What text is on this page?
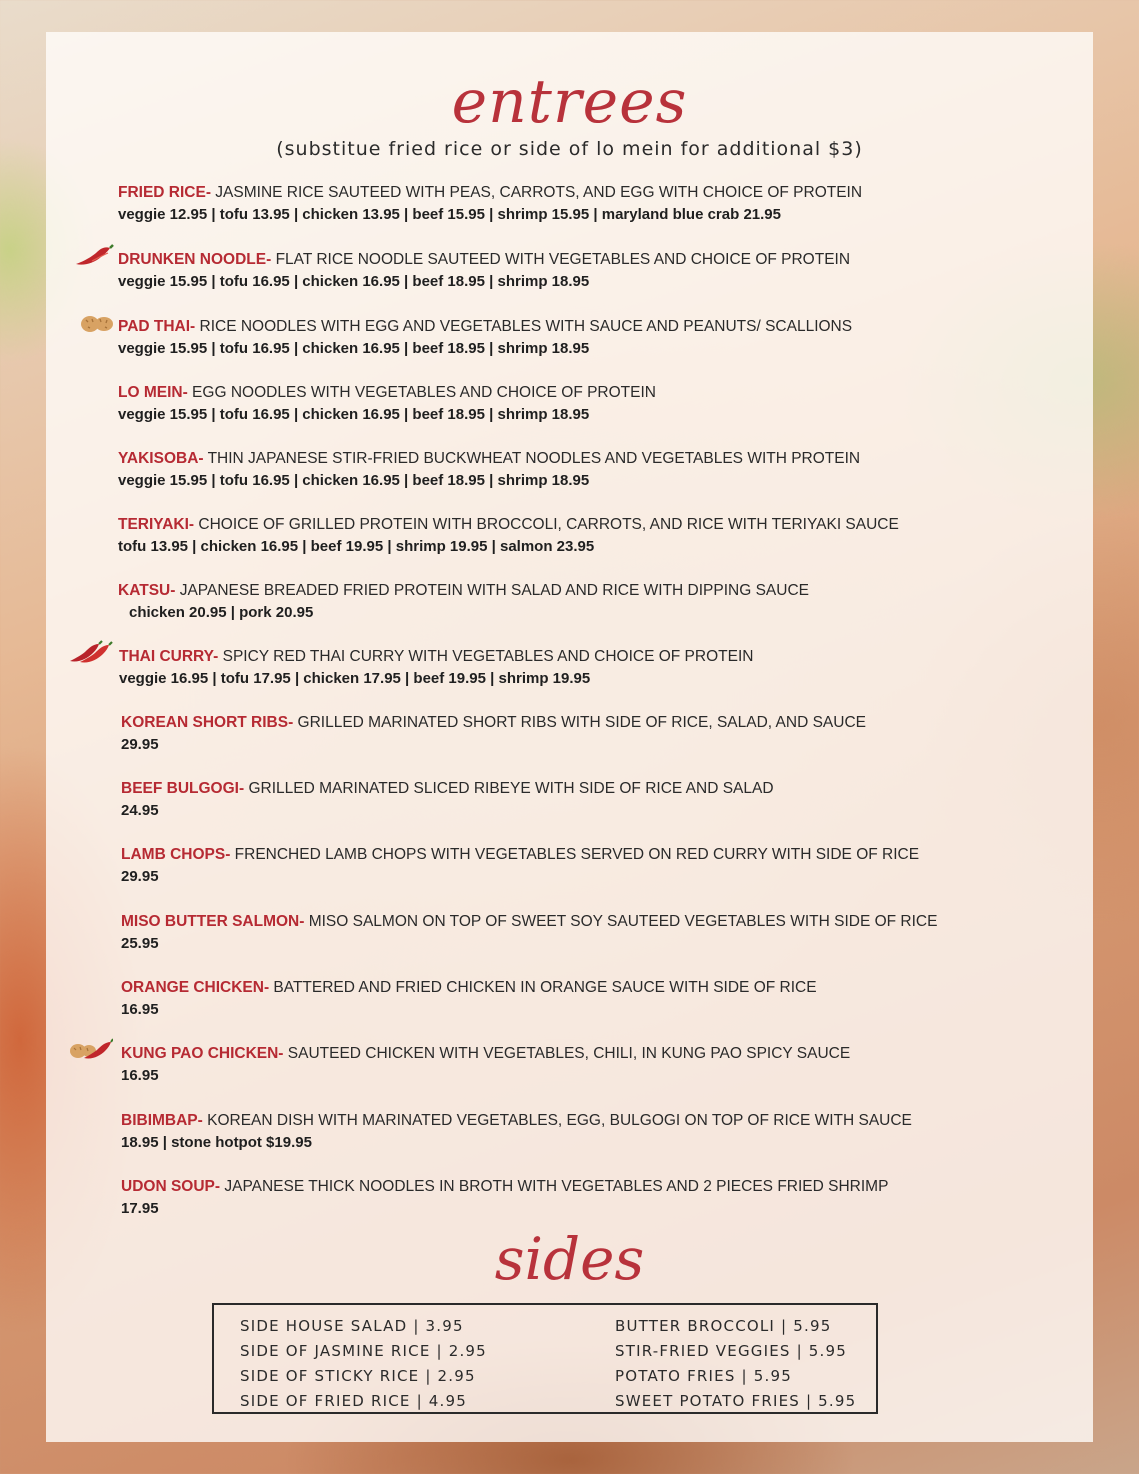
entrees
(substitue fried rice or side of lo mein for additional $3)
FRIED RICE- JASMINE RICE SAUTEED WITH PEAS, CARROTS, AND EGG WITH CHOICE OF PROTEIN
veggie 12.95 | tofu 13.95 | chicken 13.95 | beef 15.95 | shrimp 15.95 | maryland blue crab 21.95
DRUNKEN NOODLE- FLAT RICE NOODLE SAUTEED WITH VEGETABLES AND CHOICE OF PROTEIN
veggie 15.95 | tofu 16.95 | chicken 16.95 | beef 18.95 | shrimp 18.95
PAD THAI- RICE NOODLES WITH EGG AND VEGETABLES WITH SAUCE AND PEANUTS/ SCALLIONS
veggie 15.95 | tofu 16.95 | chicken 16.95 | beef 18.95 | shrimp 18.95
LO MEIN- EGG NOODLES WITH VEGETABLES AND CHOICE OF PROTEIN
veggie 15.95 | tofu 16.95 | chicken 16.95 | beef 18.95 | shrimp 18.95
YAKISOBA- THIN JAPANESE STIR-FRIED BUCKWHEAT NOODLES AND VEGETABLES WITH PROTEIN
veggie 15.95 | tofu 16.95 | chicken 16.95 | beef 18.95 | shrimp 18.95
TERIYAKI- CHOICE OF GRILLED PROTEIN WITH BROCCOLI, CARROTS, AND RICE WITH TERIYAKI SAUCE
tofu 13.95 | chicken 16.95 | beef 19.95 | shrimp 19.95 | salmon 23.95
KATSU- JAPANESE BREADED FRIED PROTEIN WITH SALAD AND RICE WITH DIPPING SAUCE
chicken 20.95 | pork 20.95
THAI CURRY- SPICY RED THAI CURRY WITH VEGETABLES AND CHOICE OF PROTEIN
veggie 16.95 | tofu 17.95 | chicken 17.95 | beef 19.95 | shrimp 19.95
KOREAN SHORT RIBS- GRILLED MARINATED SHORT RIBS WITH SIDE OF RICE, SALAD, AND SAUCE
29.95
BEEF BULGOGI- GRILLED MARINATED SLICED RIBEYE WITH SIDE OF RICE AND SALAD
24.95
LAMB CHOPS- FRENCHED LAMB CHOPS WITH VEGETABLES SERVED ON RED CURRY WITH SIDE OF RICE
29.95
MISO BUTTER SALMON- MISO SALMON ON TOP OF SWEET SOY SAUTEED VEGETABLES WITH SIDE OF RICE
25.95
ORANGE CHICKEN- BATTERED AND FRIED CHICKEN IN ORANGE SAUCE WITH SIDE OF RICE
16.95
KUNG PAO CHICKEN- SAUTEED CHICKEN WITH VEGETABLES, CHILI, IN KUNG PAO SPICY SAUCE
16.95
BIBIMBAP- KOREAN DISH WITH MARINATED VEGETABLES, EGG, BULGOGI ON TOP OF RICE WITH SAUCE
18.95 | stone hotpot $19.95
UDON SOUP- JAPANESE THICK NOODLES IN BROTH WITH VEGETABLES AND 2 PIECES FRIED SHRIMP
17.95
sides
SIDE HOUSE SALAD | 3.95
SIDE OF JASMINE RICE | 2.95
SIDE OF STICKY RICE | 2.95
SIDE OF FRIED RICE | 4.95
BUTTER BROCCOLI | 5.95
STIR-FRIED VEGGIES | 5.95
POTATO FRIES | 5.95
SWEET POTATO FRIES | 5.95
